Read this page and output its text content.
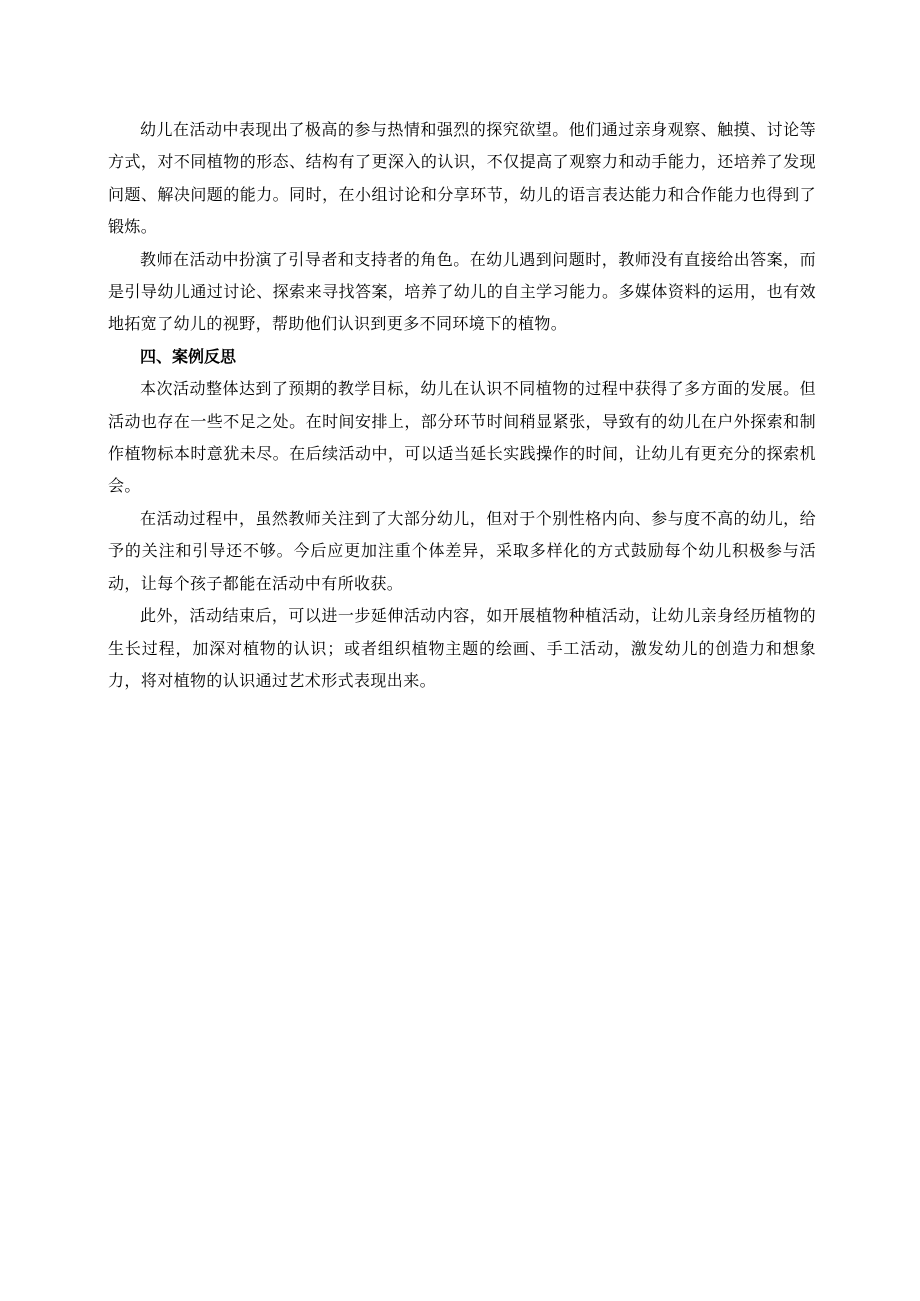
幼儿在活动中表现出了极高的参与热情和强烈的探究欲望。他们通过亲身观察、触摸、讨论等方式，对不同植物的形态、结构有了更深入的认识，不仅提高了观察力和动手能力，还培养了发现问题、解决问题的能力。同时，在小组讨论和分享环节，幼儿的语言表达能力和合作能力也得到了锻炼。

教师在活动中扮演了引导者和支持者的角色。在幼儿遇到问题时，教师没有直接给出答案，而是引导幼儿通过讨论、探索来寻找答案，培养了幼儿的自主学习能力。多媒体资料的运用，也有效地拓宽了幼儿的视野，帮助他们认识到更多不同环境下的植物。

四、案例反思

本次活动整体达到了预期的教学目标，幼儿在认识不同植物的过程中获得了多方面的发展。但活动也存在一些不足之处。在时间安排上，部分环节时间稍显紧张，导致有的幼儿在户外探索和制作植物标本时意犹未尽。在后续活动中，可以适当延长实践操作的时间，让幼儿有更充分的探索机会。

在活动过程中，虽然教师关注到了大部分幼儿，但对于个别性格内向、参与度不高的幼儿，给予的关注和引导还不够。今后应更加注重个体差异，采取多样化的方式鼓励每个幼儿积极参与活动，让每个孩子都能在活动中有所收获。

此外，活动结束后，可以进一步延伸活动内容，如开展植物种植活动，让幼儿亲身经历植物的生长过程，加深对植物的认识；或者组织植物主题的绘画、手工活动，激发幼儿的创造力和想象力，将对植物的认识通过艺术形式表现出来。
